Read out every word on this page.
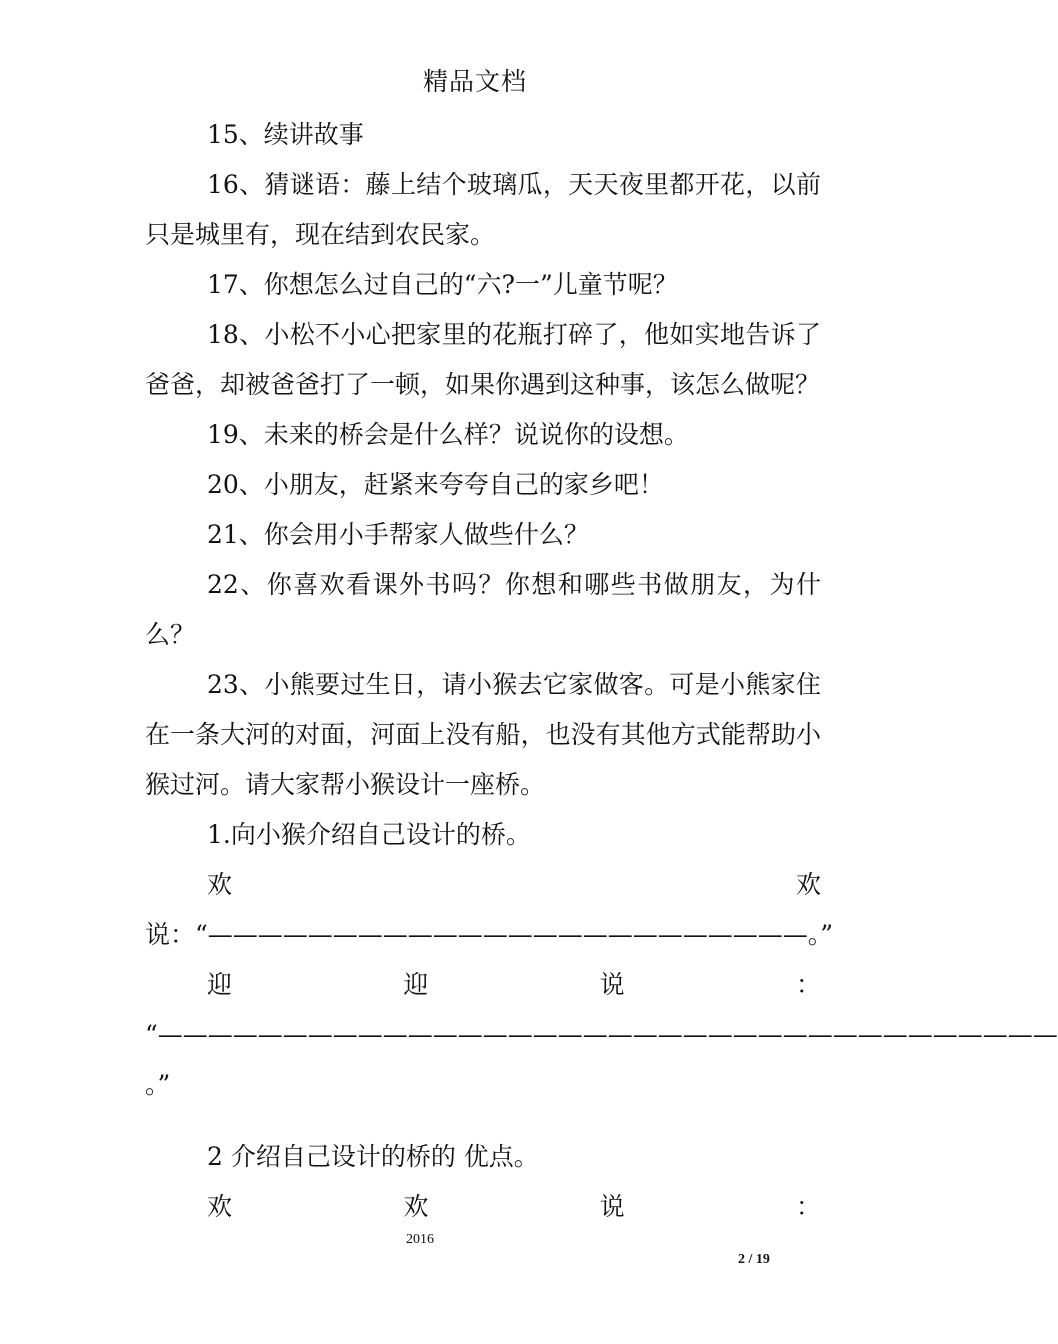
精品文档

15、续讲故事

16、猜谜语：藤上结个玻璃瓜，天天夜里都开花，以前只是城里有，现在结到农民家。

17、你想怎么过自己的“六?一”儿童节呢？

18、小松不小心把家里的花瓶打碎了，他如实地告诉了爸爸，却被爸爸打了一顿，如果你遇到这种事，该怎么做呢？

19、未来的桥会是什么样？说说你的设想。

20、小朋友，赶紧来夸夸自己的家乡吧！

21、你会用小手帮家人做些什么？

22、你喜欢看课外书吗？你想和哪些书做朋友，为什么？

23、小熊要过生日，请小猴去它家做客。可是小熊家住在一条大河的对面，河面上没有船，也没有其他方式能帮助小猴过河。请大家帮小猴设计一座桥。

1.向小猴介绍自己设计的桥。

欢欢说：“————————————————————————。”

迎	迎	说	：
“————————————————————————————————————

。”

2 介绍自己设计的桥的 优点。

欢	欢	说	：
2016
2 / 19
